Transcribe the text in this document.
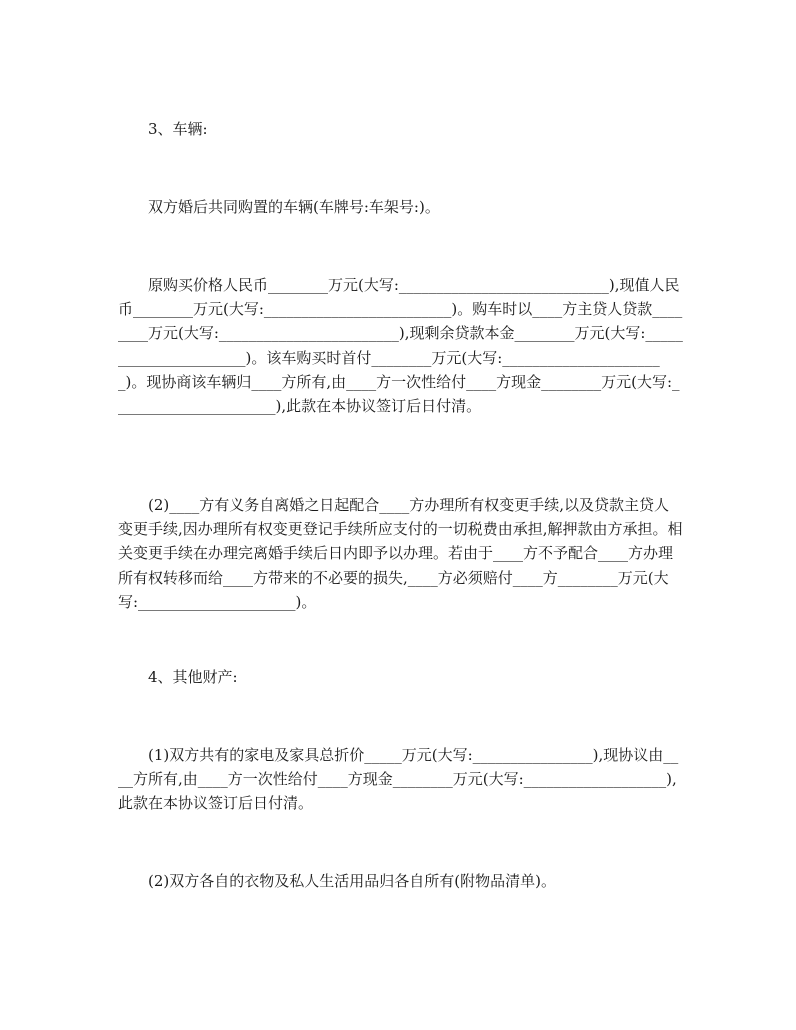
3、车辆:

双方婚后共同购置的车辆(车牌号:车架号:)。

原购买价格人民币________万元(大写:____________________________),现值人民币________万元(大写:_________________________)。购车时以____方主贷人贷款________万元(大写:________________________),现剩余贷款本金________万元(大写:______________________)。该车购买时首付________万元(大写:______________________)。现协商该车辆归____方所有,由____方一次性给付____方现金________万元(大写:______________________),此款在本协议签订后日付清。

(2)____方有义务自离婚之日起配合____方办理所有权变更手续,以及贷款主贷人变更手续,因办理所有权变更登记手续所应支付的一切税费由承担,解押款由方承担。相关变更手续在办理完离婚手续后日内即予以办理。若由于____方不予配合____方办理所有权转移而给____方带来的不必要的损失,____方必须赔付____方________万元(大写:_____________________)。

4、其他财产:

(1)双方共有的家电及家具总折价_____万元(大写:________________),现协议由____方所有,由____方一次性给付____方现金________万元(大写:___________________),此款在本协议签订后日付清。

(2)双方各自的衣物及私人生活用品归各自所有(附物品清单)。
